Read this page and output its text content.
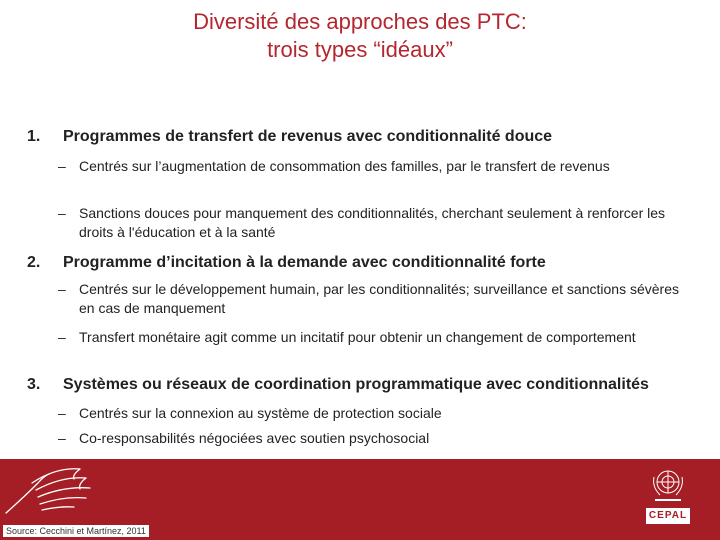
Diversité des approches des PTC:
trois types “idéaux”
1. Programmes de transfert de revenus avec conditionnalité douce
– Centrés sur l’augmentation de consommation des familles, par le transfert de revenus
– Sanctions douces pour manquement des conditionnalités, cherchant seulement à renforcer les droits à l'éducation et à la santé
2. Programme d’incitation à la demande avec conditionnalité forte
– Centrés sur le développement humain, par les conditionnalités; surveillance et sanctions sévères en cas de manquement
– Transfert monétaire agit comme un incitatif pour obtenir un changement de comportement
3. Systèmes ou réseaux de coordination programmatique avec conditionnalités
– Centrés sur la connexion au système de protection sociale
– Co-responsabilités négociées avec soutien psychosocial
CEPAL
Source: Cecchini et Martínez, 2011
